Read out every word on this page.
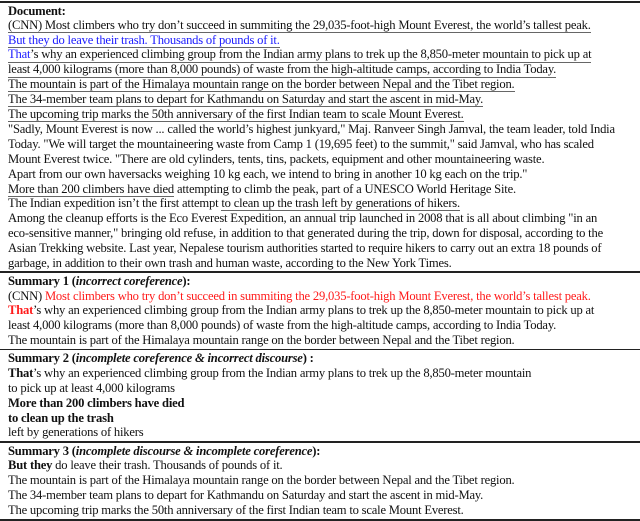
Document:
(CNN) Most climbers who try don’t succeed in summiting the 29,035-foot-high Mount Everest, the world’s tallest peak.
But they do leave their trash. Thousands of pounds of it.
That’s why an experienced climbing group from the Indian army plans to trek up the 8,850-meter mountain to pick up at
least 4,000 kilograms (more than 8,000 pounds) of waste from the high-altitude camps, according to India Today.
The mountain is part of the Himalaya mountain range on the border between Nepal and the Tibet region.
The 34-member team plans to depart for Kathmandu on Saturday and start the ascent in mid-May.
The upcoming trip marks the 50th anniversary of the first Indian team to scale Mount Everest.
"Sadly, Mount Everest is now ... called the world’s highest junkyard," Maj. Ranveer Singh Jamval, the team leader, told India
Today. "We will target the mountaineering waste from Camp 1 (19,695 feet) to the summit," said Jamval, who has scaled
Mount Everest twice. "There are old cylinders, tents, tins, packets, equipment and other mountaineering waste.
Apart from our own haversacks weighing 10 kg each, we intend to bring in another 10 kg each on the trip."
More than 200 climbers have died attempting to climb the peak, part of a UNESCO World Heritage Site.
The Indian expedition isn’t the first attempt to clean up the trash left by generations of hikers.
Among the cleanup efforts is the Eco Everest Expedition, an annual trip launched in 2008 that is all about climbing "in an
eco-sensitive manner," bringing old refuse, in addition to that generated during the trip, down for disposal, according to the
Asian Trekking website. Last year, Nepalese tourism authorities started to require hikers to carry out an extra 18 pounds of
garbage, in addition to their own trash and human waste, according to the New York Times.
Summary 1 (incorrect coreference):
(CNN) Most climbers who try don’t succeed in summiting the 29,035-foot-high Mount Everest, the world’s tallest peak.
That’s why an experienced climbing group from the Indian army plans to trek up the 8,850-meter mountain to pick up at
least 4,000 kilograms (more than 8,000 pounds) of waste from the high-altitude camps, according to India Today.
The mountain is part of the Himalaya mountain range on the border between Nepal and the Tibet region.
Summary 2 (incomplete coreference & incorrect discourse) :
That’s why an experienced climbing group from the Indian army plans to trek up the 8,850-meter mountain
to pick up at least 4,000 kilograms
More than 200 climbers have died
to clean up the trash
left by generations of hikers
Summary 3 (incomplete discourse & incomplete coreference):
But they do leave their trash. Thousands of pounds of it.
The mountain is part of the Himalaya mountain range on the border between Nepal and the Tibet region.
The 34-member team plans to depart for Kathmandu on Saturday and start the ascent in mid-May.
The upcoming trip marks the 50th anniversary of the first Indian team to scale Mount Everest.
